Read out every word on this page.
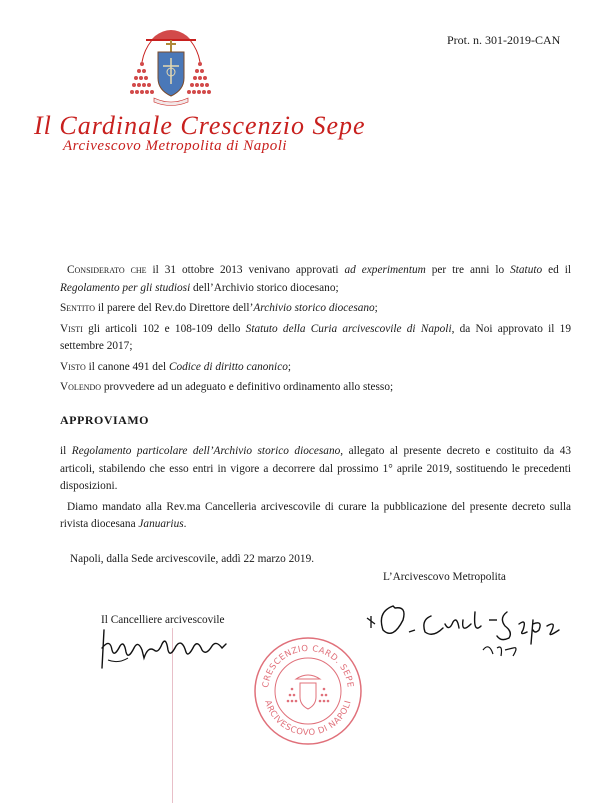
Prot. n. 301-2019-CAN
Il Cardinale Crescenzio Sepe
Arcivescovo Metropolita di Napoli

Considerato che il 31 ottobre 2013 venivano approvati ad experimentum per tre anni lo Statuto ed il Regolamento per gli studiosi dell’Archivio storico diocesano;

Sentito il parere del Rev.do Direttore dell’Archivio storico diocesano;

Visti gli articoli 102 e 108-109 dello Statuto della Curia arcivescovile di Napoli, da Noi approvato il 19 settembre 2017;

Visto il canone 491 del Codice di diritto canonico;

Volendo provvedere ad un adeguato e definitivo ordinamento allo stesso;

APPROVIAMO

il Regolamento particolare dell’Archivio storico diocesano, allegato al presente decreto e costituito da 43 articoli, stabilendo che esso entri in vigore a decorrere dal prossimo 1° aprile 2019, sostituendo le precedenti disposizioni.

Diamo mandato alla Rev.ma Cancelleria arcivescovile di curare la pubblicazione del presente decreto sulla rivista diocesana Januarius.

Napoli, dalla Sede arcivescovile, addì 22 marzo 2019.
L’Arcivescovo Metropolita
Il Cancelliere arcivescovile
CRESCENZIO CARD. SEPE
ARCIVESCOVO DI NAPOLI
